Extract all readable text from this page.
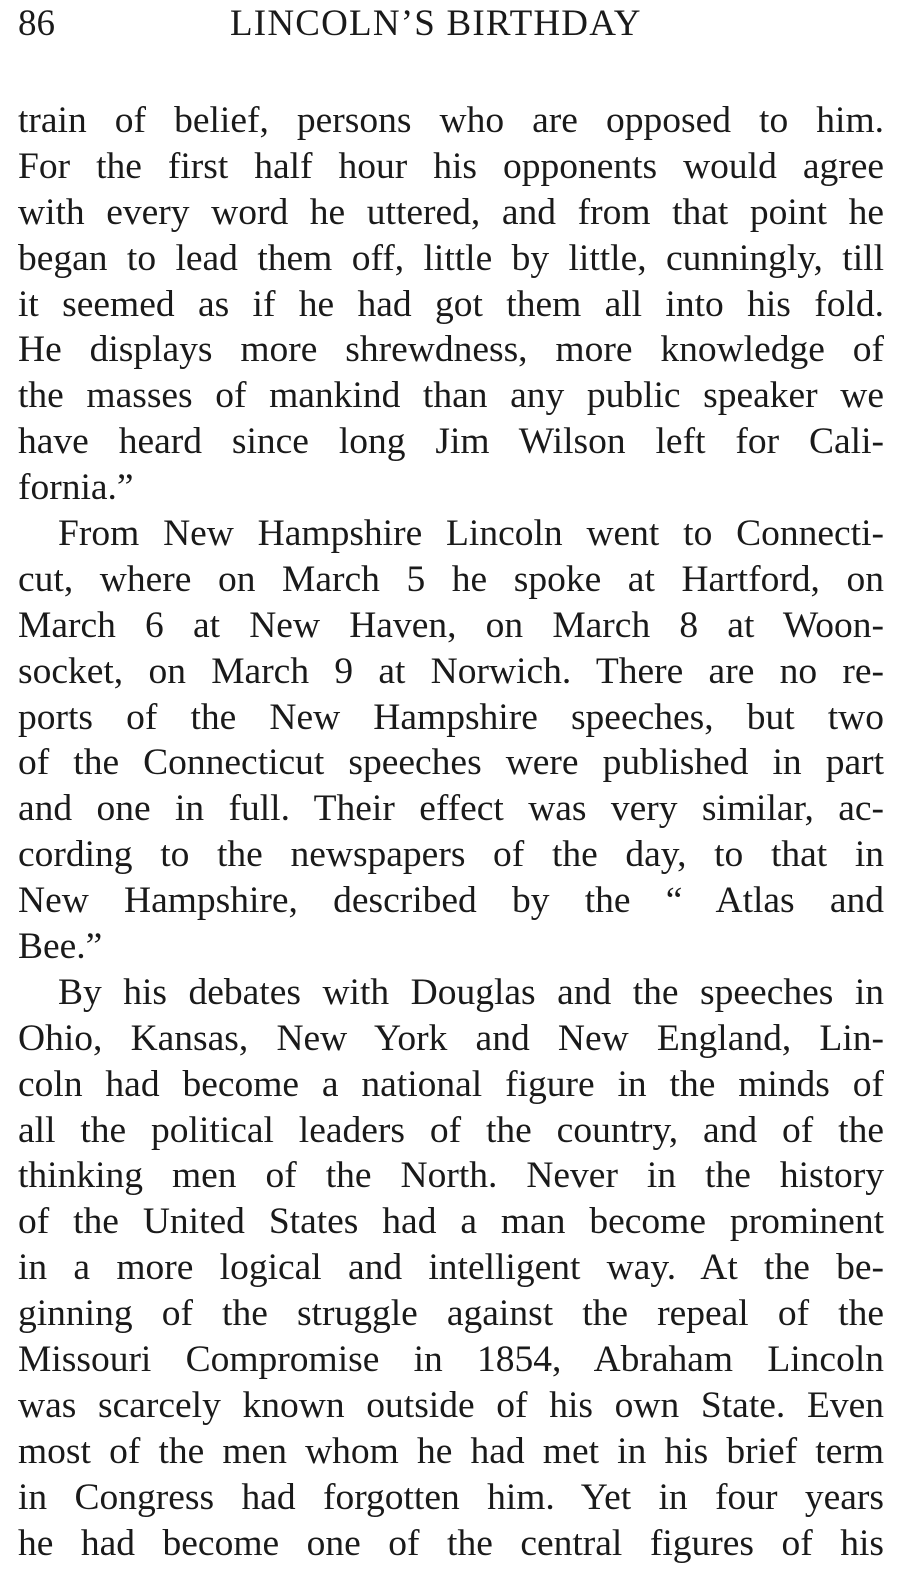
86	LINCOLN’S BIRTHDAY
train of belief, persons who are opposed to him.
For the first half hour his opponents would agree
with every word he uttered, and from that point he
began to lead them off, little by little, cunningly, till
it seemed as if he had got them all into his fold.
He displays more shrewdness, more knowledge of
the masses of mankind than any public speaker we
have heard since long Jim Wilson left for Cali-
fornia.”
From New Hampshire Lincoln went to Connecti-
cut, where on March 5 he spoke at Hartford, on
March 6 at New Haven, on March 8 at Woon-
socket, on March 9 at Norwich. There are no re-
ports of the New Hampshire speeches, but two
of the Connecticut speeches were published in part
and one in full. Their effect was very similar, ac-
cording to the newspapers of the day, to that in
New Hampshire, described by the “ Atlas and
Bee.”
By his debates with Douglas and the speeches in
Ohio, Kansas, New York and New England, Lin-
coln had become a national figure in the minds of
all the political leaders of the country, and of the
thinking men of the North. Never in the history
of the United States had a man become prominent
in a more logical and intelligent way. At the be-
ginning of the struggle against the repeal of the
Missouri Compromise in 1854, Abraham Lincoln
was scarcely known outside of his own State. Even
most of the men whom he had met in his brief term
in Congress had forgotten him. Yet in four years
he had become one of the central figures of his
